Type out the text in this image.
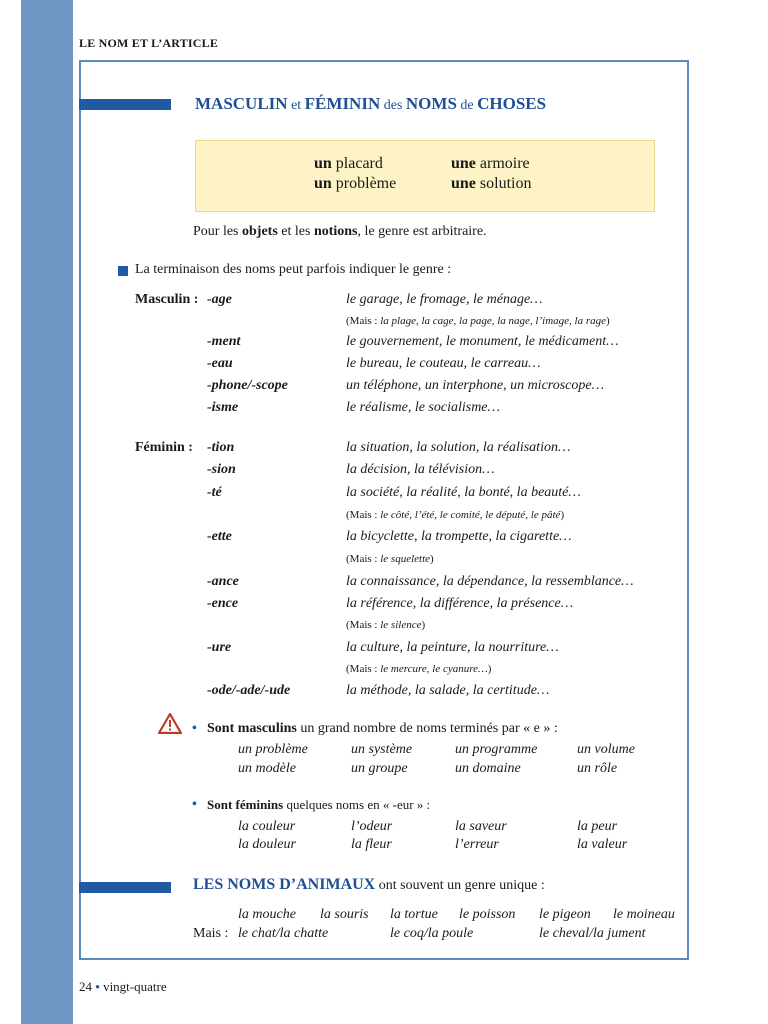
LE NOM ET L’ARTICLE
MASCULIN et FÉMININ des NOMS de CHOSES
un placard	une armoire
un problème	une solution
Pour les objets et les notions, le genre est arbitraire.
La terminaison des noms peut parfois indiquer le genre :
Masculin : -age	le garage, le fromage, le ménage…
(Mais : la plage, la cage, la page, la nage, l’image, la rage)
-ment	le gouvernement, le monument, le médicament…
-eau	le bureau, le couteau, le carreau…
-phone/-scope	un téléphone, un interphone, un microscope…
-isme	le réalisme, le socialisme…
Féminin : -tion	la situation, la solution, la réalisation…
-sion	la décision, la télévision…
-té	la société, la réalité, la bonté, la beauté…
(Mais : le côté, l’été, le comité, le député, le pâté)
-ette	la bicyclette, la trompette, la cigarette…
(Mais : le squelette)
-ance	la connaissance, la dépendance, la ressemblance…
-ence	la référence, la différence, la présence…
(Mais : le silence)
-ure	la culture, la peinture, la nourriture…
(Mais : le mercure, le cyanure…)
-ode/-ade/-ude	la méthode, la salade, la certitude…
• Sont masculins un grand nombre de noms terminés par « e » :
un problème	un système	un programme	un volume
un modèle	un groupe	un domaine	un rôle
• Sont féminins quelques noms en « -eur » :
la couleur	l’odeur	la saveur	la peur
la douleur	la fleur	l’erreur	la valeur
LES NOMS D’ANIMAUX ont souvent un genre unique :
la mouche la souris la tortue le poisson le pigeon le moineau
Mais : le chat/la chatte	le coq/la poule	le cheval/la jument
24 • vingt-quatre
